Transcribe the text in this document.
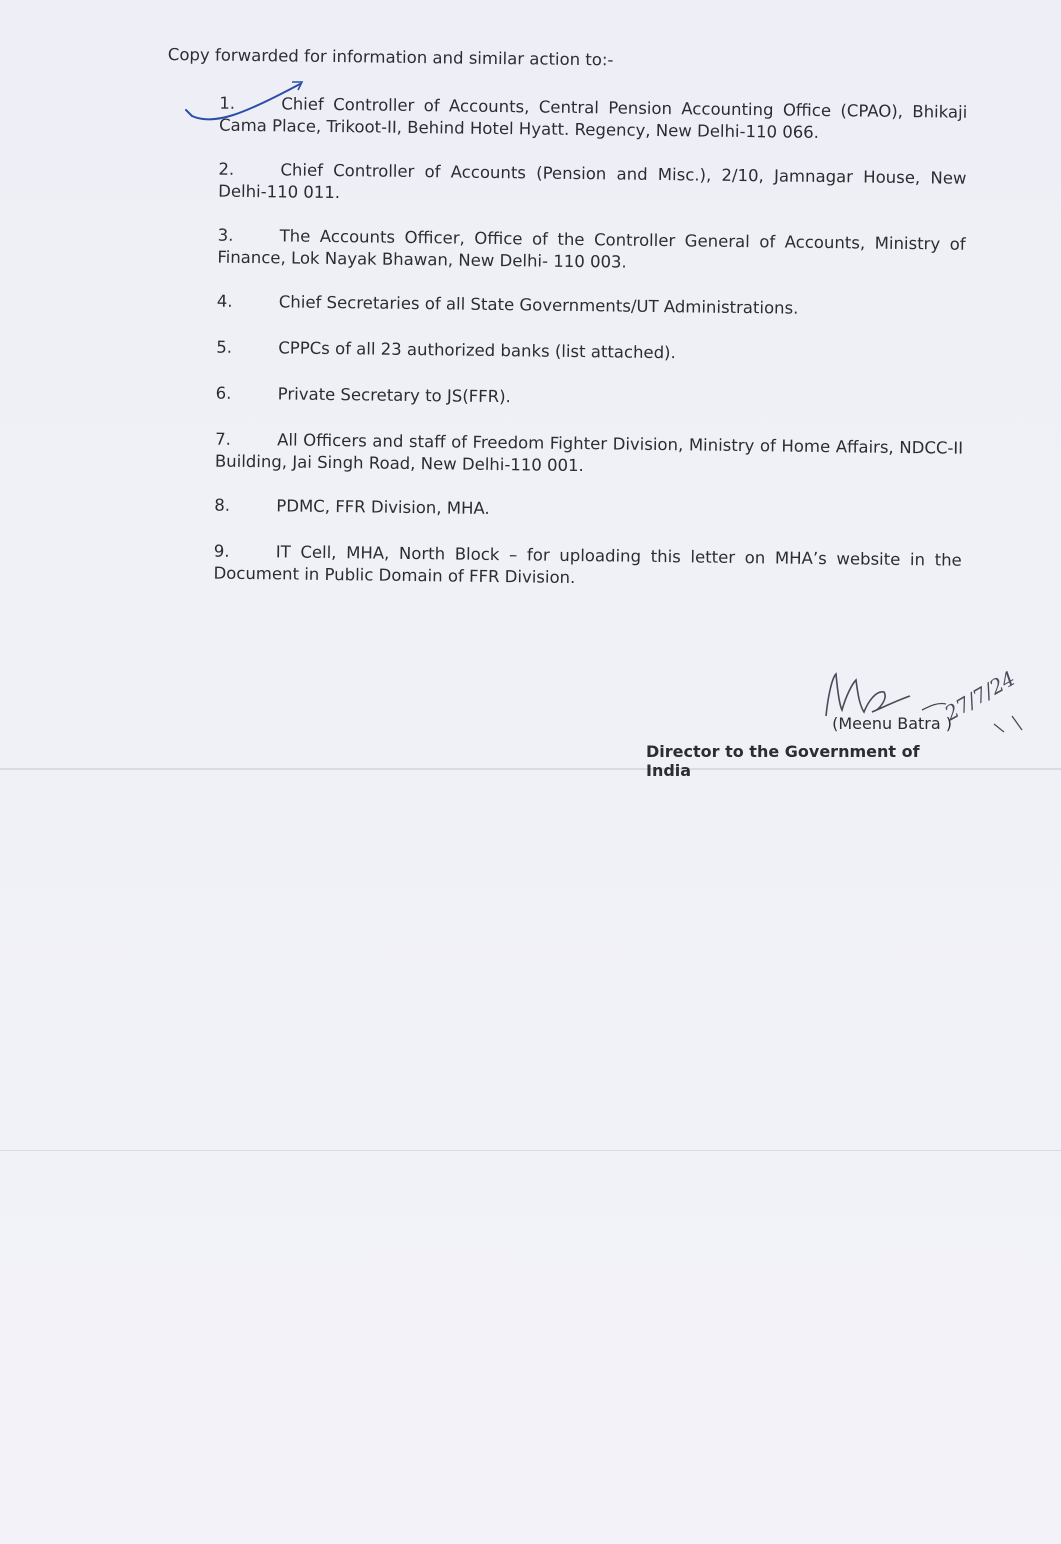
Copy forwarded for information and similar action to:-

1.	Chief Controller of Accounts, Central Pension Accounting Office (CPAO), Bhikaji Cama Place, Trikoot-II, Behind Hotel Hyatt. Regency, New Delhi-110 066.

2.	Chief Controller of Accounts (Pension and Misc.), 2/10, Jamnagar House, New Delhi-110 011.

3.	The Accounts Officer, Office of the Controller General of Accounts, Ministry of Finance, Lok Nayak Bhawan, New Delhi- 110 003.

4.	Chief Secretaries of all State Governments/UT Administrations.

5.	CPPCs of all 23 authorized banks (list attached).

6.	Private Secretary to JS(FFR).

7.	All Officers and staff of Freedom Fighter Division, Ministry of Home Affairs, NDCC-II Building, Jai Singh Road, New Delhi-110 001.

8.	PDMC, FFR Division, MHA.

9.	IT Cell, MHA, North Block – for uploading this letter on MHA’s website in the Document in Public Domain of FFR Division.

27/7/24
(Meenu Batra )
Director to the Government of India
